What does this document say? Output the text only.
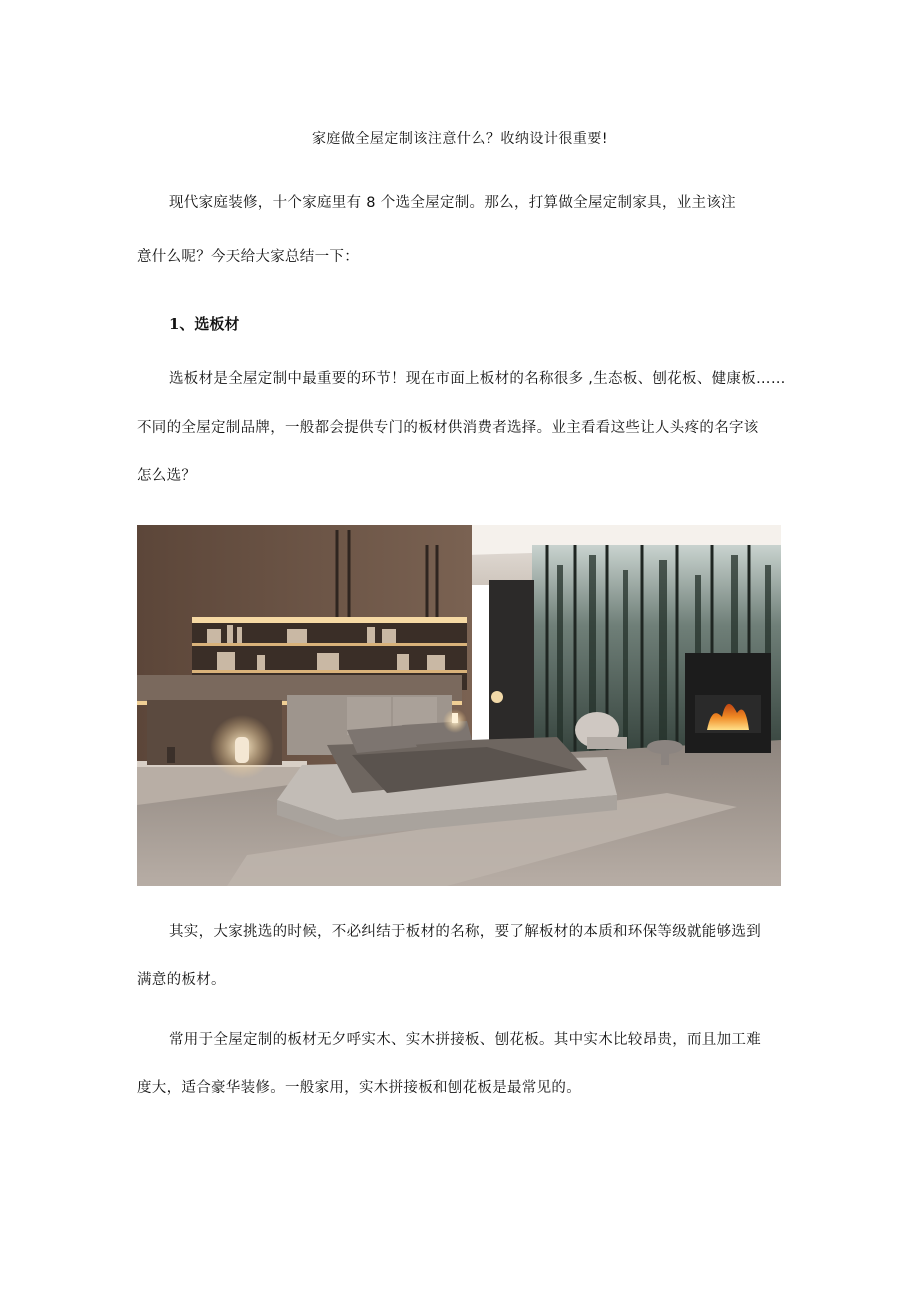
家庭做全屋定制该注意什么？收纳设计很重要!
现代家庭装修，十个家庭里有 8 个选全屋定制。那么，打算做全屋定制家具，业主该注
意什么呢？今天给大家总结一下：
1、选板材
选板材是全屋定制中最重要的环节！现在市面上板材的名称很多 ,生态板、刨花板、健康板……
不同的全屋定制品牌，一般都会提供专门的板材供消费者选择。业主看看这些让人头疼的名字该
怎么选？
其实，大家挑选的时候，不必纠结于板材的名称，要了解板材的本质和环保等级就能够选到
满意的板材。
常用于全屋定制的板材无夕呼实木、实木拼接板、刨花板。其中实木比较昂贵，而且加工难
度大，适合豪华装修。一般家用，实木拼接板和刨花板是最常见的。
